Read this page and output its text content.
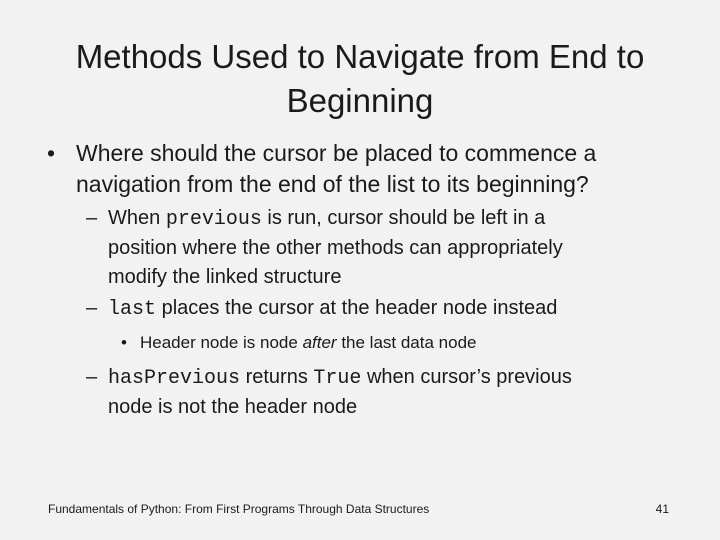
Methods Used to Navigate from End to
Beginning
• Where should the cursor be placed to commence a
navigation from the end of the list to its beginning?
– When previous is run, cursor should be left in a
position where the other methods can appropriately
modify the linked structure
– last places the cursor at the header node instead
• Header node is node after the last data node
– hasPrevious returns True when cursor’s previous
node is not the header node
Fundamentals of Python: From First Programs Through Data Structures	41
